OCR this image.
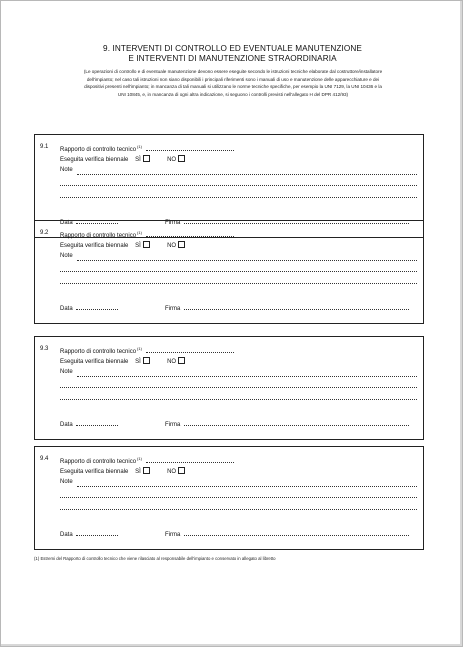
9. INTERVENTI DI CONTROLLO ED EVENTUALE MANUTENZIONE
E INTERVENTI DI MANUTENZIONE STRAORDINARIA
(Le operazioni di controllo e di eventuale manutenzione devono essere eseguite secondo le istruzioni tecniche elaborate dal costruttore/installatore
dell'impianto; nel caso tali istruzioni non siano disponibili i principali riferimenti sono i manuali di uso e manutenzione delle apparecchiature e dei
dispositivi presenti nell'impianto; in mancanza di tali manuali si utilizzano le norme tecniche specifiche, per esempio la UNI 7129, la UNI 10436 e la
UNI 10845, e, in mancanza di ogni altra indicazione, si seguono i controlli previsti nell'allegato H del DPR 412/93)
9.1 Rapporto di controllo tecnico$^{(1)}$
Eseguita verifica biennale SÌ	NO
Note
Data	Firma
9.2 Rapporto di controllo tecnico$^{(1)}$
Eseguita verifica biennale SÌ	NO
Note
Data	Firma
9.3 Rapporto di controllo tecnico$^{(1)}$
Eseguita verifica biennale SÌ	NO
Note
Data	Firma
9.4 Rapporto di controllo tecnico$^{(1)}$
Eseguita verifica biennale SÌ	NO
Note
Data	Firma
(1) Estremi del Rapporto di controllo tecnico che viene rilasciato al responsabile dell'impianto e conservato in allegato al libretto
